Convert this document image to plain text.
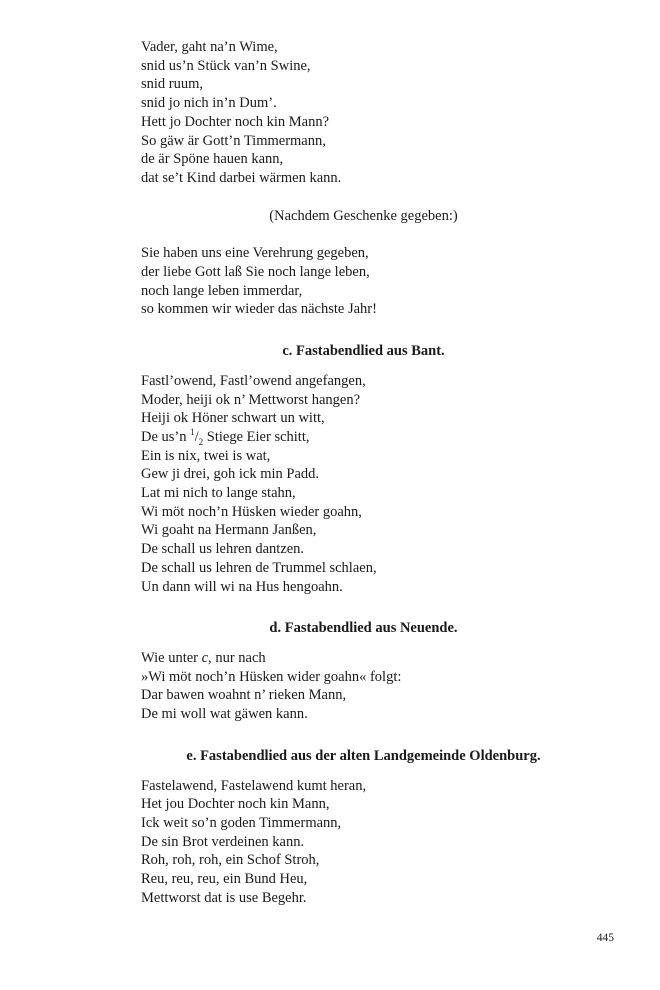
Vader, gaht na’n Wime,
snid us’n Stück van’n Swine,
snid ruum,
snid jo nich in’n Dum’.
Hett jo Dochter noch kin Mann?
So gäw är Gott’n Timmermann,
de är Spöne hauen kann,
dat se’t Kind darbei wärmen kann.
(Nachdem Geschenke gegeben:)
Sie haben uns eine Verehrung gegeben,
der liebe Gott laß Sie noch lange leben,
noch lange leben immerdar,
so kommen wir wieder das nächste Jahr!
c. Fastabendlied aus Bant.
Fastl’owend, Fastl’owend angefangen,
Moder, heiji ok n’ Mettworst hangen?
Heiji ok Höner schwart un witt,
De us’n $^1/_2$ Stiege Eier schitt,
Ein is nix, twei is wat,
Gew ji drei, goh ick min Padd.
Lat mi nich to lange stahn,
Wi möt noch’n Hüsken wieder goahn,
Wi goaht na Hermann Janßen,
De schall us lehren dantzen.
De schall us lehren de Trummel schlaen,
Un dann will wi na Hus hengoahn.
d. Fastabendlied aus Neuende.
Wie unter c, nur nach
»Wi möt noch’n Hüsken wider goahn« folgt:
Dar bawen woahnt n’ rieken Mann,
De mi woll wat gäwen kann.
e. Fastabendlied aus der alten Landgemeinde Oldenburg.
Fastelawend, Fastelawend kumt heran,
Het jou Dochter noch kin Mann,
Ick weit so’n goden Timmermann,
De sin Brot verdeinen kann.
Roh, roh, roh, ein Schof Stroh,
Reu, reu, reu, ein Bund Heu,
Mettworst dat is use Begehr.
445
